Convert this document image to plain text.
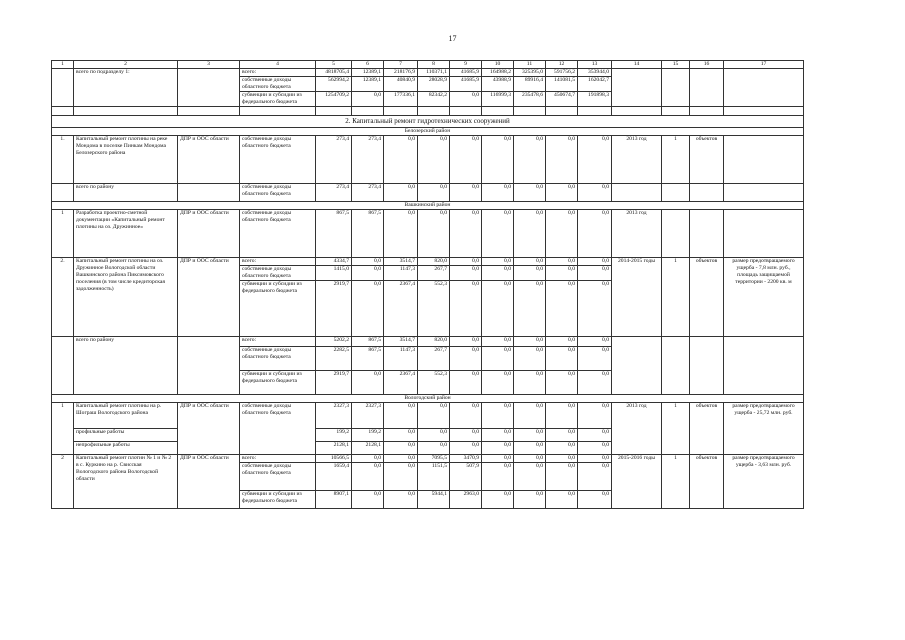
17
1	2	3	4	5	6	7	8	9	10	11	12	13	14	15	16	17
	всего по подразделу 1:		всего:	4818705,4	12389,1	218176,9	110371,1	41685,9	164988,2	325395,0	591756,2	353944,0				
			собственные доходы областного бюджета	562994,2	12389,1	40840,9	28028,9	41685,9	43988,9	89916,4	141081,5	162042,7				
			субвенции и субсидии из федерального бюджета	1254709,2	0,0	177336,1	82342,2	0,0	116999,3	235478,6	450674,7	191898,3				

2. Капитальный ремонт гидротехнических сооружений																
Белозерский район																
1.	Капитальный ремонт плотины на реке Мондома в поселке Пинкам Мондома Белозерского района	ДПР и ООС области	собственные доходы областного бюджета	273,4	273,4	0,0	0,0	0,0	0,0	0,0	0,0	0,0	2013 год	1	объектов	
	всего по району		собственные доходы областного бюджета	273,4	273,4	0,0	0,0	0,0	0,0	0,0	0,0	0,0				
Вашкинский район																
1	Разработка проектно-сметной документации «Капитальный ремонт плотины на оз. Дружинное»	ДПР и ООС области	собственные доходы областного бюджета	867,5	867,5	0,0	0,0	0,0	0,0	0,0	0,0	0,0	2013 год			
2.	Капитальный ремонт плотины на оз. Дружинное Вологодской области Вашкинского района Пиксимовского поселения (в том числе кредиторская задолженность)	ДПР и ООС области	всего:	4334,7	0,0	3514,7	820,0	0,0	0,0	0,0	0,0	0,0	2014-2015 годы	1	объектов	размер предотвращаемого ущерба - 7,8 млн. руб., площадь защищаемой территории - 2200 кв. м
			собственные доходы областного бюджета	1415,0	0,0	1147,3	267,7	0,0	0,0	0,0	0,0	0,0				
			субвенции и субсидии из федерального бюджета	2919,7	0,0	2367,4	552,3	0,0	0,0	0,0	0,0	0,0				
	всего по району		всего:	5202,2	867,5	3514,7	820,0	0,0	0,0	0,0	0,0	0,0				
			собственные доходы областного бюджета	2282,5	867,5	1147,3	267,7	0,0	0,0	0,0	0,0	0,0				
			субвенции и субсидии из федерального бюджета	2919,7	0,0	2367,4	552,3	0,0	0,0	0,0	0,0	0,0				
Вологодский район																
1	Капитальный ремонт плотины на р. Шограш Вологодского района	ДПР и ООС области	собственные доходы областного бюджета	2327,3	2327,3	0,0	0,0	0,0	0,0	0,0	0,0	0,0	2013 год	1	объектов	размер предотвращаемого ущерба - 25,72 млн. руб.
	профильные работы			199,2	199,2	0,0	0,0	0,0	0,0	0,0	0,0	0,0				
	непрофильные работы			2128,1	2128,1	0,0	0,0	0,0	0,0	0,0	0,0	0,0				
2	Капитальный ремонт плотин № 1 и № 2 в с. Куркино на р. Свисская Вологодского района Вологодской области	ДПР и ООС области	всего:	10566,5	0,0	0,0	7095,5	3470,9	0,0	0,0	0,0	0,0	2015-2016 годы	1	объектов	размер предотвращаемого ущерба - 3,63 млн. руб.
			собственные доходы областного бюджета	1659,4	0,0	0,0	1151,5	507,9	0,0	0,0	0,0	0,0				
			субвенции и субсидии из федерального бюджета	8907,1	0,0	0,0	5944,1	2963,0	0,0	0,0	0,0	0,0				
